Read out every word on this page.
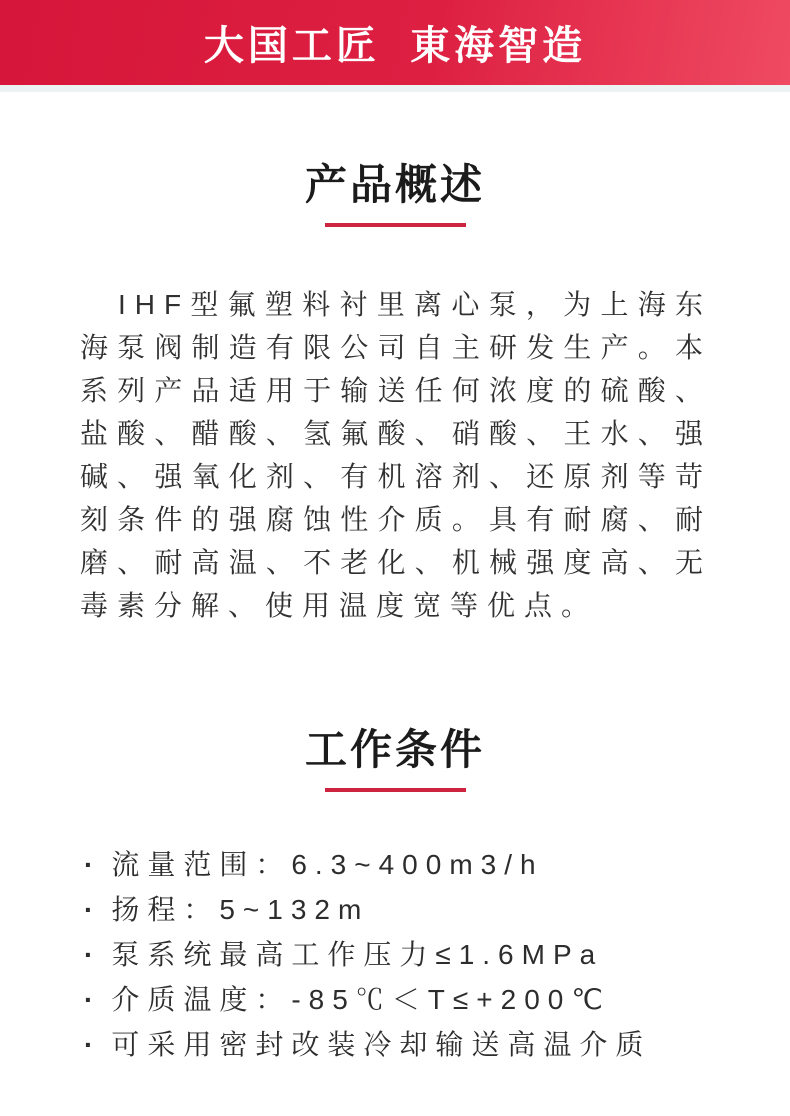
大国工匠  東海智造
产品概述

IHF型氟塑料衬里离心泵，为上海东海泵阀制造有限公司自主研发生产。本系列产品适用于输送任何浓度的硫酸、盐酸、醋酸、氢氟酸、硝酸、王水、强碱、强氧化剂、有机溶剂、还原剂等苛刻条件的强腐蚀性介质。具有耐腐、耐磨、耐高温、不老化、机械强度高、无毒素分解、使用温度宽等优点。

工作条件
· 流量范围：6.3~400m3/h
· 扬程：5~132m
· 泵系统最高工作压力≤1.6MPa
· 介质温度：-85℃＜T≤+200℃
· 可采用密封改装冷却输送高温介质
